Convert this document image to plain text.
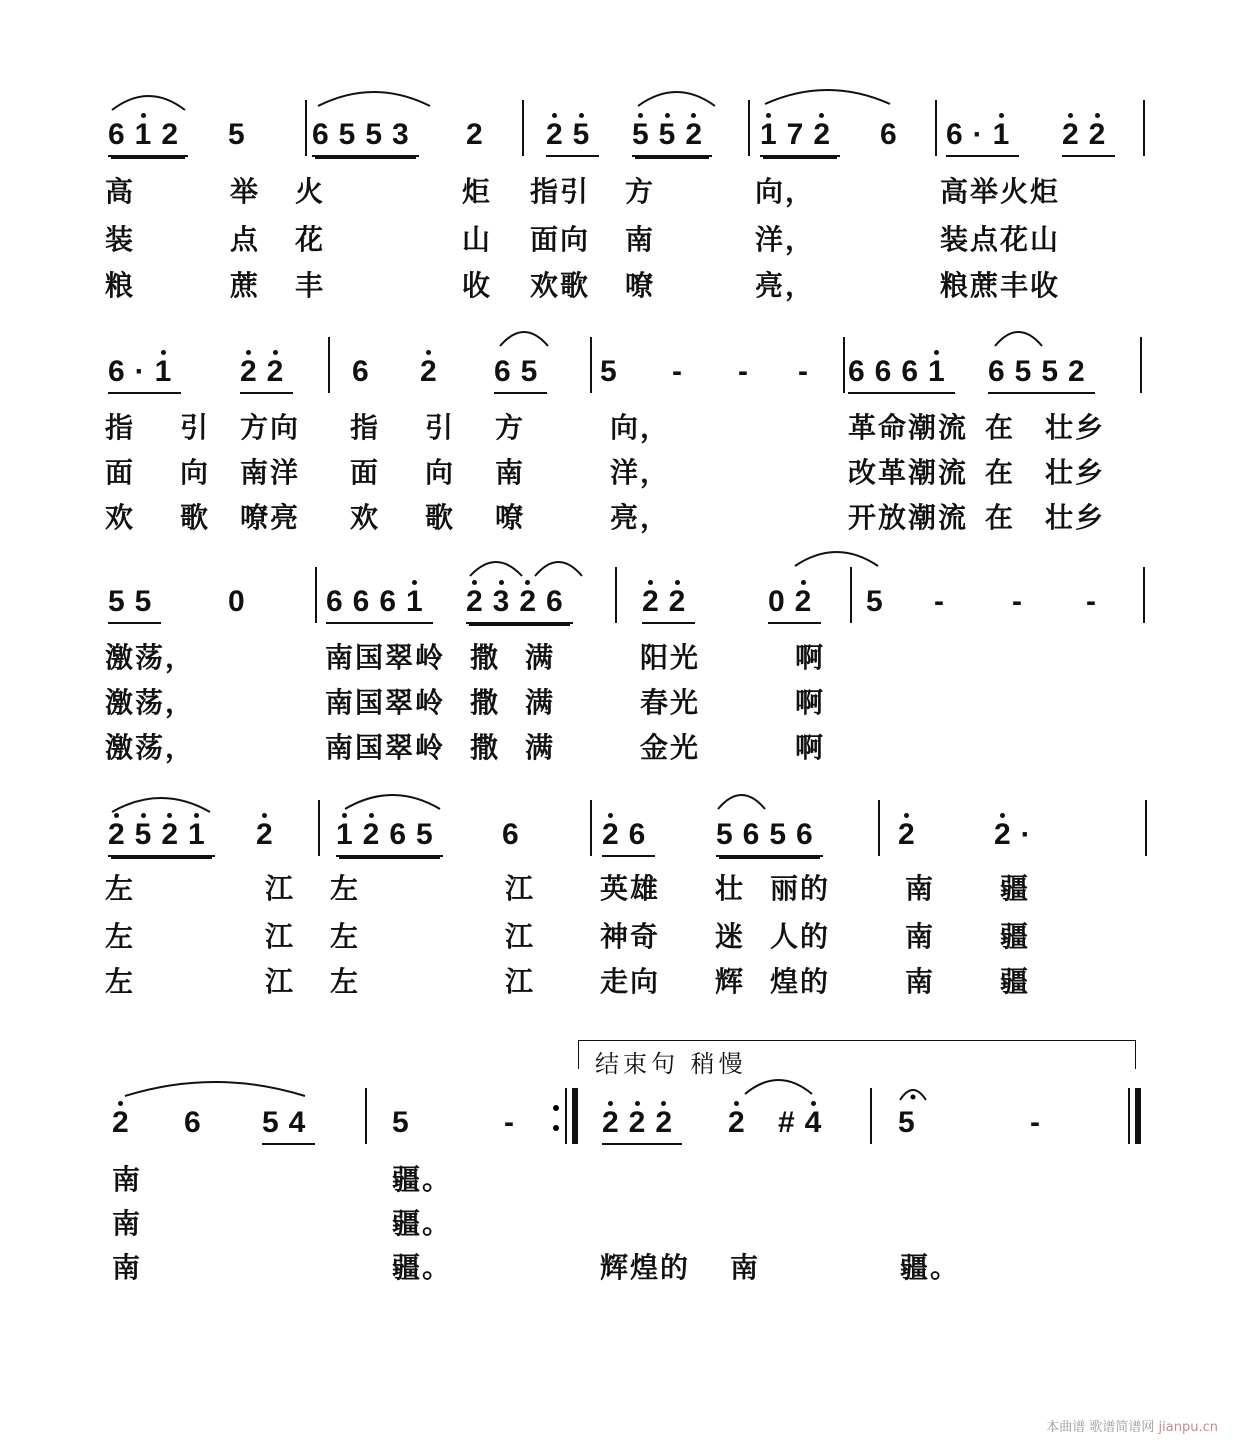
结束句 稍慢
本曲谱 歌谱简谱网 jianpu.cn
612 5 6553 2 25 552 172 6 6·1 22
高	举 火	炬 指引 方	向，	高举火炬
装	点 花	山 面向 南	洋，	装点花山
粮	蔗 丰	收 欢歌 嘹	亮，	粮蔗丰收
6·1 22 6 2 65 5 - - - 6661 6552
指 引 方向 指 引 方	向，	革命潮流 在 壮乡
面 向 南洋 面 向 南	洋，	改革潮流 在 壮乡
欢 歌 嘹亮 欢 歌 嘹	亮，	开放潮流 在 壮乡
55 0 6661 2326 22 02 5 - - -
激荡，	南国翠岭 撒 满	阳光	啊
激荡，	南国翠岭 撒 满	春光	啊
激荡，	南国翠岭 撒 满	金光	啊
2521 2 1265 6 26 5656	2 2·
左	江 左	江 英雄 壮 丽的	南 疆
左	江 左	江 神奇 迷 人的	南 疆
左	江 左	江 走向 辉 煌的	南 疆
2 6 54	5	-	222 2 #4 5	-
南	疆。
南	疆。
南	疆。	辉煌的 南	疆。
